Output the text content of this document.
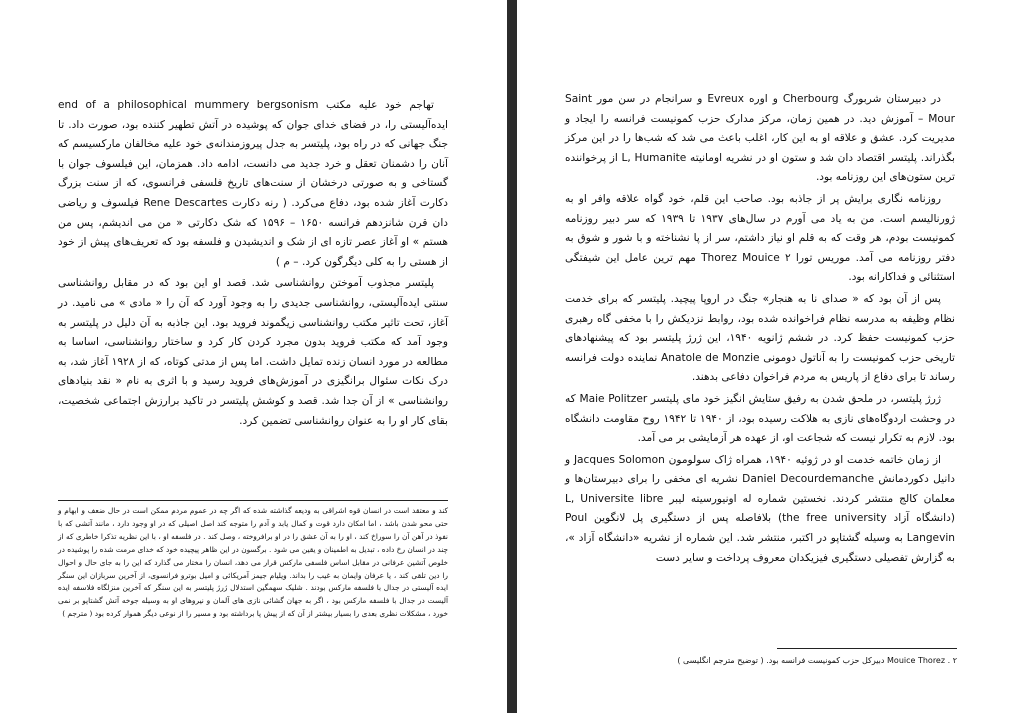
تهاجم خود علیه مکتب end of a philosophical mummery bergsonism ایده‌آلیستی را، در فضای خدای جوان که پوشیده در آتش تطهیر کننده بود، صورت داد. تا جنگ جهانی که در راه بود، پلیتسر به جدل پیروزمندانه‌ی خود علیه مخالفان مارکسیسم که آنان را دشمنان تعقل و خرد جدید می دانست، ادامه داد. همزمان، این فیلسوف جوان با گستاخی و به صورتی درخشان از سنت‌های تاریخ فلسفی فرانسوی، که از سنت بزرگ دکارت آغاز شده بود، دفاع می‌کرد. ( رنه دکارت Rene Descartes فیلسوف و ریاضی دان قرن شانزدهم فرانسه ۱۶۵۰ – ۱۵۹۶ که شک دکارتی « من می اندیشم، پس من هستم » او آغاز عصر تازه ای از شک و اندیشیدن و فلسفه بود که تعریف‌های پیش از خود از هستی را به کلی دیگرگون کرد. – م )

پلیتسر مجذوب آموختن روانشناسی شد. قصد او این بود که در مقابل روانشناسی سنتی ایده‌آلیستی، روانشناسی جدیدی را به وجود آورد که آن را « مادی » می نامید. در آغاز، تحت تاثیر مکتب روانشناسی زیگموند فروید بود. این جاذبه به آن دلیل در پلیتسر به وجود آمد که مکتب فروید بدون مجرد کردن کار کرد و ساختار روانشناسی، اساسا به مطالعه در مورد انسان زنده تمایل داشت. اما پس از مدتی کوتاه، که از ۱۹۲۸ آغاز شد، به درک نکات سئوال برانگیزی در آموزش‌های فروید رسید و با اثری به نام « نقد بنیادهای روانشناسی » از آن جدا شد. قصد و کوشش پلیتسر در تاکید برارزش اجتماعی شخصیت، بقای کار او را به عنوان روانشناسی تضمین کرد.

کند و معتقد است در انسان قوه اشراقی به ودیعه گذاشته شده که اگر چه در عموم مردم ممکن است در حال ضعف و ابهام و حتی محو شدن باشد ، اما امکان دارد قوت و کمال یابد و آدم را متوجه کند اصل اصیلی که در او وجود دارد ، مانند آتشی که با نفوذ در آهن آن را سوراخ کند ، او را به آن عشق را در او برافروخته ، وصل کند . در فلسفه او ، با این نظریه تذکرا خاطری که از چند در انسان رخ داده ، تبدیل به اطمینان و یقین می شود . برگسون در این ظاهر پیچیده خود که خدای مرمت شده را پوشیده در خلوص آتشین عرفانی در مقابل اساس فلسفی مارکس قرار می دهد، انسان را مختار می گذارد که این را به جای حال و احوال را دین تلقی کند ، یا عرفان وایمان به غیب را بداند. ویلیام جیمز آمریکائی و امیل بوترو فرانسوی، از آخرین سربازان این سنگر ایده آلیستی در جدال با فلسفه مارکس بودند . شلیک سهمگین استدلال ژرژ پلیتسر به این سنگر که آخرین منزلگاه فلاسفه ایده آلیست در جدال با فلسفه مارکس بود ، اگر به جهان گشائی نازی های آلمان و نیروهای او به وسیله جوخه آتش گشتاپو بر نمی خورد ، مشکلات نظری بعدی را بسیار بیشتر از آن که از پیش پا برداشته بود و مسیر را از نوعی دیگر هموار کرده بود ( مترجم )

در دبیرستان شربورگ Cherbourg و اوره Evreux و سرانجام در سن مور Saint Mour – آموزش دید. در همین زمان، مرکز مدارک حزب کمونیست فرانسه را ایجاد و مدیریت کرد. عشق و علاقه او به این کار، اغلب باعث می شد که شب‌ها را در این مرکز بگذراند. پلیتسر اقتصاد دان شد و ستون او در نشریه اومانیته L, Humanite از پرخواننده ترین ستون‌های این روزنامه بود.

روزنامه نگاری برایش پر از جاذبه بود. صاحب این قلم، خود گواه علاقه وافر او به ژورنالیسم است. من به یاد می آورم در سال‌های ۱۹۳۷ تا ۱۹۳۹ که سر دبیر روزنامه کمونیست بودم، هر وقت که به قلم او نیاز داشتم، سر از پا نشناخته و با شور و شوق به دفتر روزنامه می آمد. موریس تورا Thorez Mouice ۲ مهم ترین عامل این شیفتگی استثنائی و فداکارانه بود.

پس از آن بود که « صدای نا به هنجار» جنگ در اروپا پیچید. پلیتسر که برای خدمت نظام وظیفه به مدرسه نظام فراخوانده شده بود، روابط نزدیکش را با مخفی گاه رهبری حزب کمونیست حفظ کرد. در ششم ژانویه ۱۹۴۰، این ژرژ پلیتسر بود که پیشنهادهای تاریخی حزب کمونیست را به آناتول دومونی Anatole de Monzie نماینده دولت فرانسه رساند تا برای دفاع از پاریس به مردم فراخوان دفاعی بدهند.

ژرژ پلیتسر، در ملحق شدن به رفیق ستایش انگیز خود مای پلیتسر Maie Politzer که در وحشت اردوگاه‌های نازی به هلاکت رسیده بود، از ۱۹۴۰ تا ۱۹۴۲ روح مقاومت دانشگاه بود. لازم به تکرار نیست که شجاعت او، از عهده هر آزمایشی بر می آمد.

از زمان خاتمه خدمت او در ژوئیه ۱۹۴۰، همراه ژاک سولومون Jacques Solomon و دانیل دکوردمانش Daniel Decourdemanche نشریه ای مخفی را برای دبیرستان‌ها و معلمان کالج منتشر کردند. نخستین شماره له اونیورسیته لیبر L, Universite libre (دانشگاه آزاد the free university) بلافاصله پس از دستگیری پل لانگوین Poul Langevin به وسیله گشتاپو در اکتبر، منتشر شد. این شماره از نشریه «دانشگاه آزاد »، به گزارش تفصیلی دستگیری فیزیکدان معروف پرداخت و سایر دست

۲ . Mouice Thorez دبیرکل حزب کمونیست فرانسه بود. ( توضیح مترجم انگلیسی )
